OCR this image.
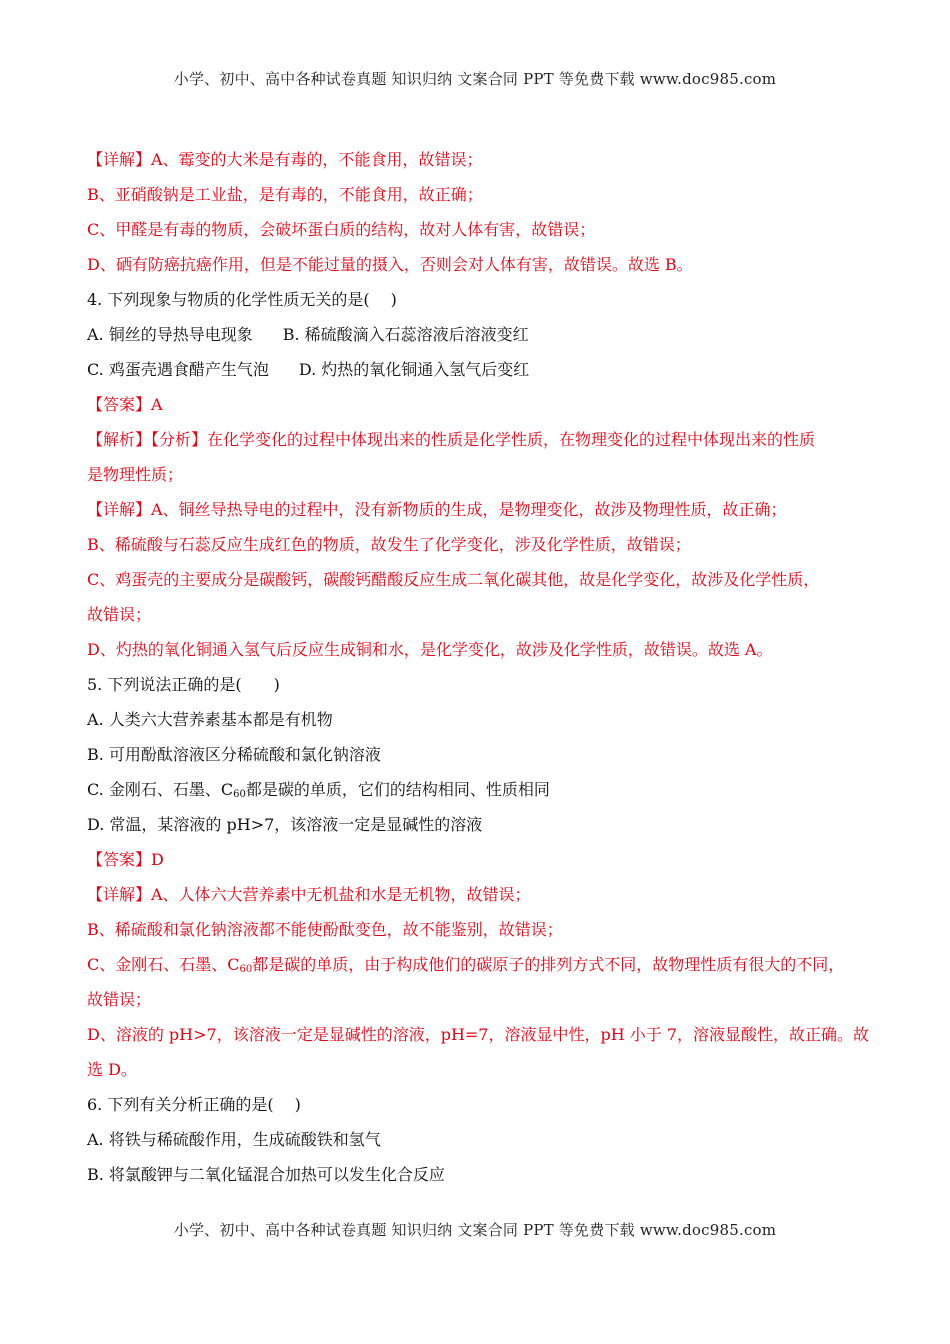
小学、初中、高中各种试卷真题 知识归纳 文案合同 PPT 等免费下载 www.doc985.com
【详解】A、霉变的大米是有毒的，不能食用，故错误；
B、亚硝酸钠是工业盐，是有毒的，不能食用，故正确；
C、甲醛是有毒的物质，会破坏蛋白质的结构，故对人体有害，故错误；
D、硒有防癌抗癌作用，但是不能过量的摄入，否则会对人体有害，故错误。故选 B。
4. 下列现象与物质的化学性质无关的是(　 )
A. 铜丝的导热导电现象 B. 稀硫酸滴入石蕊溶液后溶液变红
C. 鸡蛋壳遇食醋产生气泡 D. 灼热的氧化铜通入氢气后变红
【答案】A
【解析】【分析】在化学变化的过程中体现出来的性质是化学性质，在物理变化的过程中体现出来的性质
是物理性质；
【详解】A、铜丝导热导电的过程中，没有新物质的生成，是物理变化，故涉及物理性质，故正确；
B、稀硫酸与石蕊反应生成红色的物质，故发生了化学变化，涉及化学性质，故错误；
C、鸡蛋壳的主要成分是碳酸钙，碳酸钙醋酸反应生成二氧化碳其他，故是化学变化，故涉及化学性质，
故错误；
D、灼热的氧化铜通入氢气后反应生成铜和水，是化学变化，故涉及化学性质，故错误。故选 A。
5. 下列说法正确的是(　　)
A. 人类六大营养素基本都是有机物
B. 可用酚酞溶液区分稀硫酸和氯化钠溶液
C. 金刚石、石墨、$C_{60}$都是碳的单质，它们的结构相同、性质相同
D. 常温，某溶液的 pH>7，该溶液一定是显碱性的溶液
【答案】D
【详解】A、人体六大营养素中无机盐和水是无机物，故错误；
B、稀硫酸和氯化钠溶液都不能使酚酞变色，故不能鉴别，故错误；
C、金刚石、石墨、$C_{60}$都是碳的单质，由于构成他们的碳原子的排列方式不同，故物理性质有很大的不同，
故错误；
D、溶液的 pH>7，该溶液一定是显碱性的溶液，pH=7，溶液显中性，pH 小于 7，溶液显酸性，故正确。故
选 D。
6. 下列有关分析正确的是(　 )
A. 将铁与稀硫酸作用，生成硫酸铁和氢气
B. 将氯酸钾与二氧化锰混合加热可以发生化合反应
小学、初中、高中各种试卷真题 知识归纳 文案合同 PPT 等免费下载 www.doc985.com
